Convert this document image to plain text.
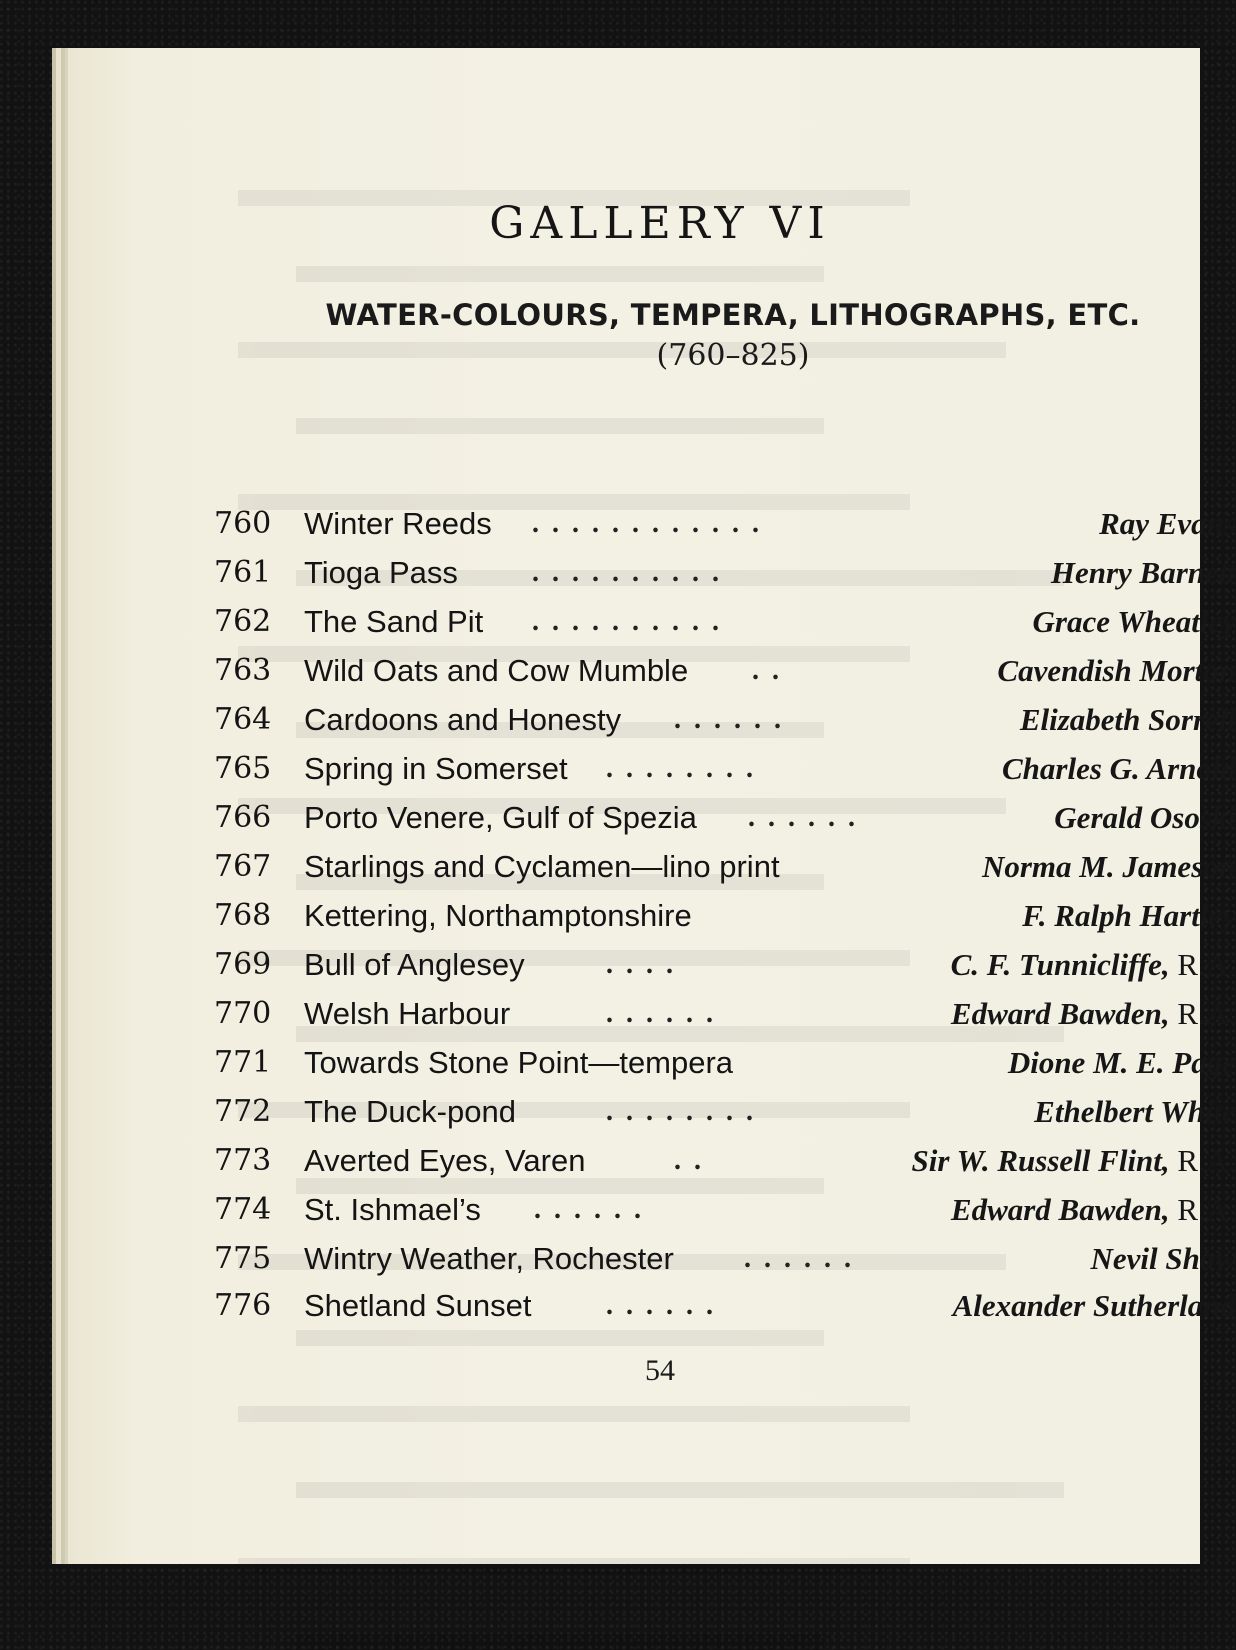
GALLERY VI
WATER-COLOURS, TEMPERA, LITHOGRAPHS, ETC.
(760–825)
760	Winter Reeds . . . . . . . . . . . .	Ray Evans
761	Tioga Pass	. . . . . . . . . .	Henry Barnett
762	The Sand Pit . . . . . . . . . .	Grace Wheatley
763	Wild Oats and Cow Mumble . .	Cavendish Morton
764	Cardoons and Honesty . . . . . .	Elizabeth Sorrell
765	Spring in Somerset . . . . . . . .	Charles G. Arnold
766	Porto Venere, Gulf of Spezia . . . . . .	Gerald Ososki
767	Starlings and Cyclamen—lino print	Norma M. Jameson
768	Kettering, Northamptonshire	F. Ralph Hartley
769	Bull of Anglesey	. . . .	C. F. Tunnicliffe, R.A.
770	Welsh Harbour	. . . . . .	Edward Bawden, R.A.
771	Towards Stone Point—tempera	Dione M. E. Page
772	The Duck-pond	. . . . . . . .	Ethelbert White
773	Averted Eyes, Varen	. .	Sir W. Russell Flint, R.A.
774	St. Ishmael’s . . . . . .	Edward Bawden, R.A.
775	Wintry Weather, Rochester	. . . . . .	Nevil Shaw
776	Shetland Sunset	. . . . . .	Alexander Sutherland
54
